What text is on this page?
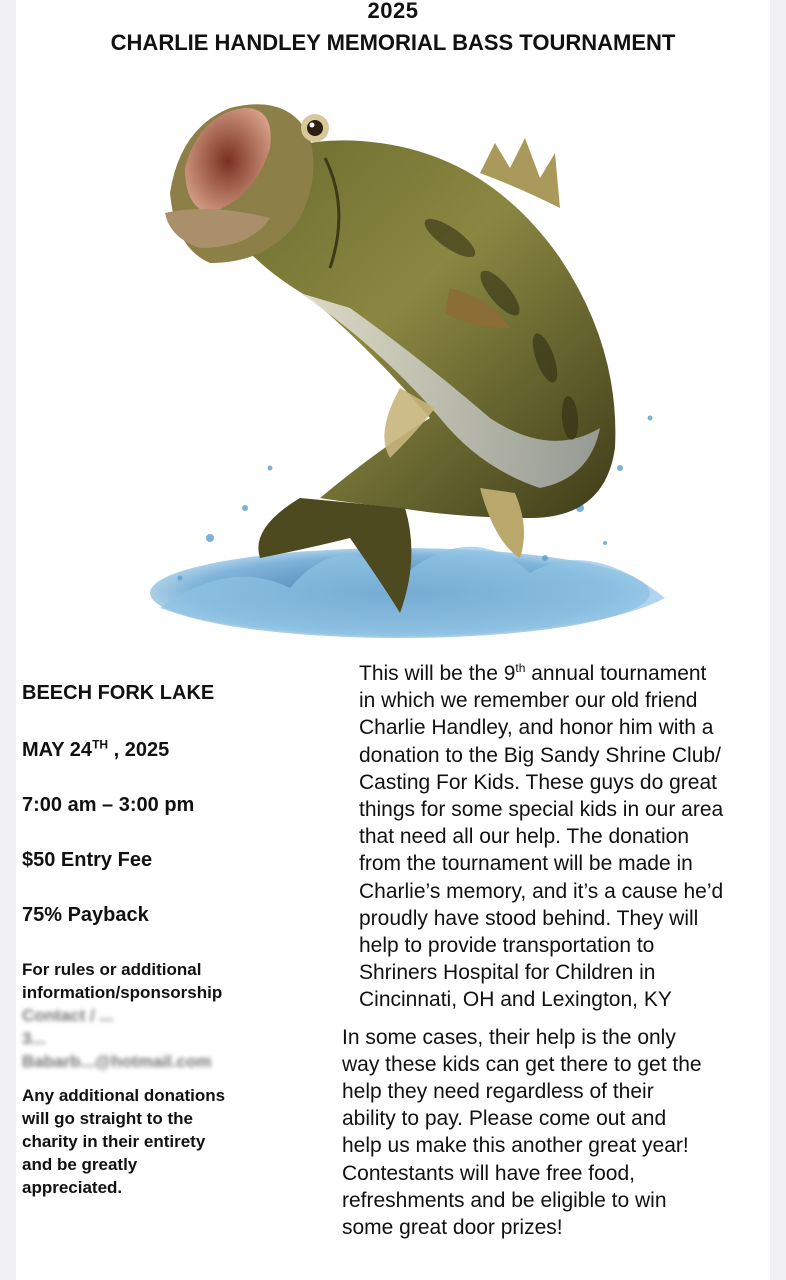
2025
CHARLIE HANDLEY MEMORIAL BASS TOURNAMENT
BEECH FORK LAKE
MAY 24TH , 2025
7:00 am – 3:00 pm
$50 Entry Fee
75% Payback
For rules or additional
information/sponsorship
Contact / ...
3...
Babarb...@hotmail.com
Any additional donations
will go straight to the
charity in their entirety
and be greatly
appreciated.

This will be the 9th annual tournament
in which we remember our old friend
Charlie Handley, and honor him with a
donation to the Big Sandy Shrine Club/
Casting For Kids. These guys do great
things for some special kids in our area
that need all our help. The donation
from the tournament will be made in
Charlie’s memory, and it’s a cause he’d
proudly have stood behind. They will
help to provide transportation to
Shriners Hospital for Children in
Cincinnati, OH and Lexington, KY

In some cases, their help is the only
way these kids can get there to get the
help they need regardless of their
ability to pay. Please come out and
help us make this another great year!
Contestants will have free food,
refreshments and be eligible to win
some great door prizes!
